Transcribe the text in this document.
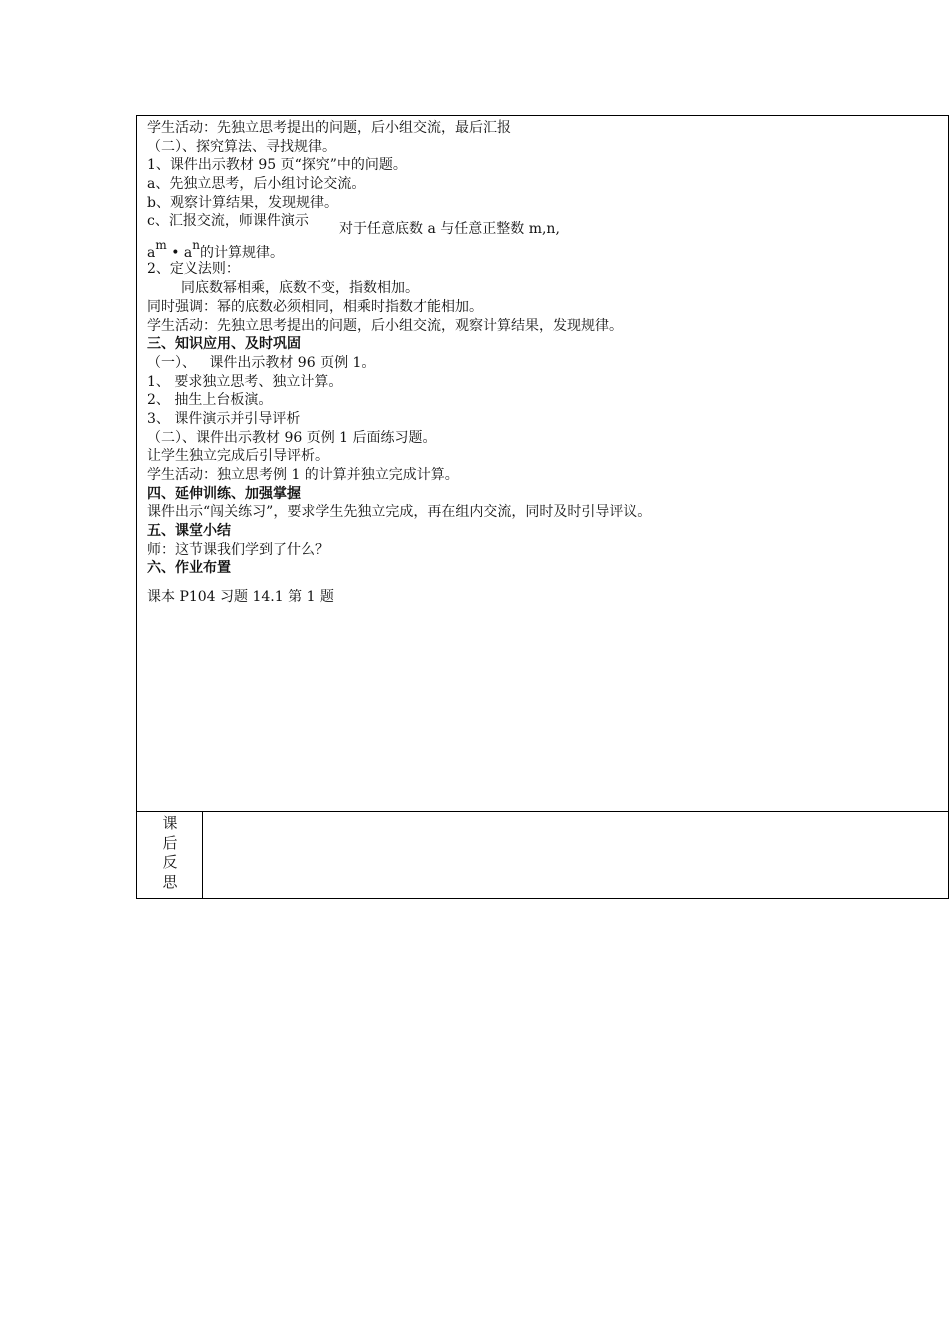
学生活动：先独立思考提出的问题，后小组交流，最后汇报
（二）、探究算法、寻找规律。
1、课件出示教材 95 页“探究”中的问题。
a、先独立思考，后小组讨论交流。
b、观察计算结果，发现规律。
c、汇报交流，师课件演示 对于任意底数 a 与任意正整数 m,n,
$a^m$ • $a^n$的计算规律。
2、定义法则：
同底数幂相乘，底数不变，指数相加。
同时强调：幂的底数必须相同，相乘时指数才能相加。
学生活动：先独立思考提出的问题，后小组交流，观察计算结果，发现规律。
三、知识应用、及时巩固
（一）、   课件出示教材 96 页例 1。
1、 要求独立思考、独立计算。
2、 抽生上台板演。
3、 课件演示并引导评析
（二）、课件出示教材 96 页例 1 后面练习题。
让学生独立完成后引导评析。
学生活动：独立思考例 1 的计算并独立完成计算。
四、延伸训练、加强掌握
课件出示“闯关练习”，要求学生先独立完成，再在组内交流，同时及时引导评议。
五、课堂小结
师：这节课我们学到了什么？
六、作业布置
课本 P104 习题 14.1 第 1 题
课后反思
